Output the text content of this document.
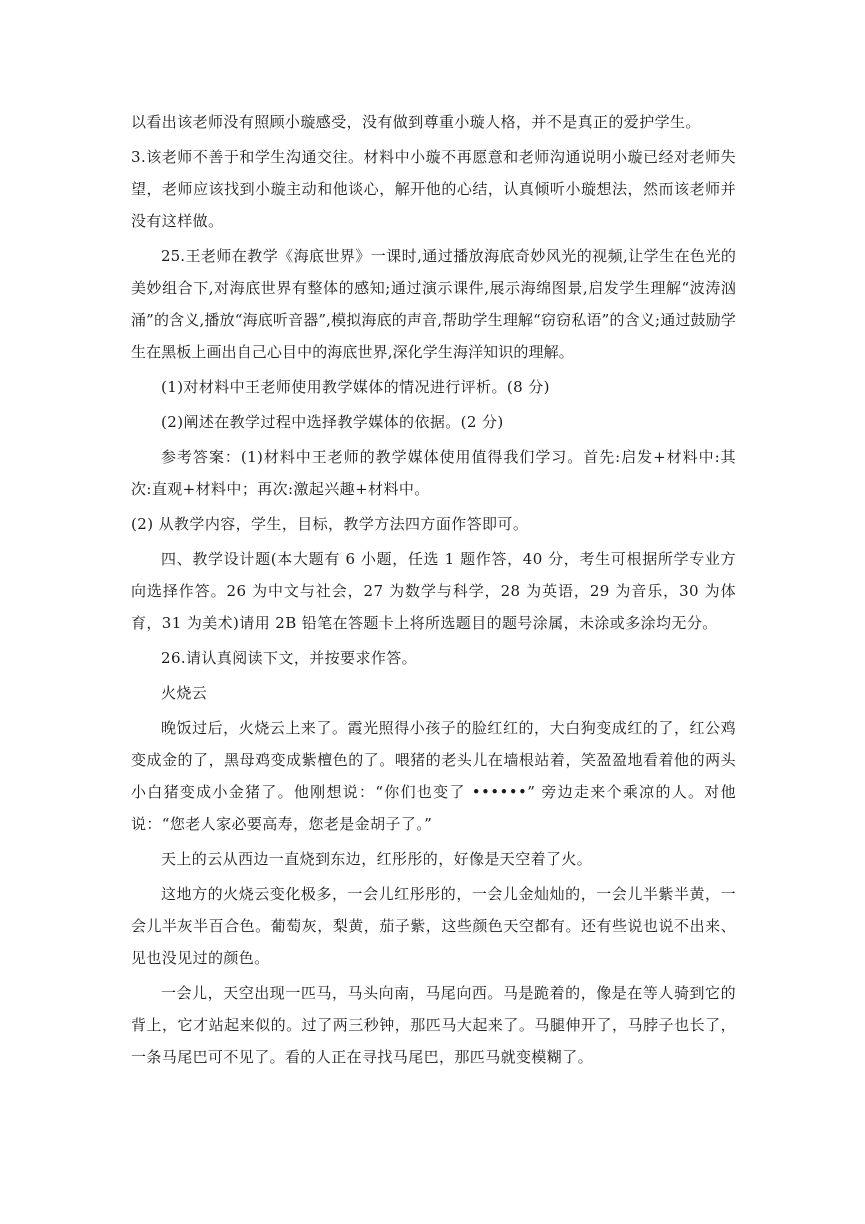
以看出该老师没有照顾小璇感受，没有做到尊重小璇人格，并不是真正的爱护学生。

3.该老师不善于和学生沟通交往。材料中小璇不再愿意和老师沟通说明小璇已经对老师失望，老师应该找到小璇主动和他谈心，解开他的心结，认真倾听小璇想法，然而该老师并没有这样做。

25.王老师在教学《海底世界》一课时,通过播放海底奇妙风光的视频,让学生在色光的美妙组合下,对海底世界有整体的感知;通过演示课件,展示海绵图景,启发学生理解“波涛汹涌”的含义,播放“海底听音器”,模拟海底的声音,帮助学生理解“窃窃私语”的含义;通过鼓励学生在黑板上画出自己心目中的海底世界,深化学生海洋知识的理解。

(1)对材料中王老师使用教学媒体的情况进行评析。(8 分)

(2)阐述在教学过程中选择教学媒体的依据。(2 分)

参考答案：(1)材料中王老师的教学媒体使用值得我们学习。首先:启发+材料中:其次:直观+材料中；再次:激起兴趣+材料中。

(2) 从教学内容，学生，目标，教学方法四方面作答即可。

四、教学设计题(本大题有 6 小题，任选 1 题作答，40 分，考生可根据所学专业方向选择作答。26 为中文与社会，27 为数学与科学，28 为英语，29 为音乐，30 为体育，31 为美术)请用 2B 铅笔在答题卡上将所选题目的题号涂属，未涂或多涂均无分。

26.请认真阅读下文，并按要求作答。

火烧云

晚饭过后，火烧云上来了。霞光照得小孩子的脸红红的，大白狗变成红的了，红公鸡变成金的了，黑母鸡变成紫檀色的了。喂猪的老头儿在墙根站着，笑盈盈地看着他的两头小白猪变成小金猪了。他刚想说：“你们也变了 ••••••” 旁边走来个乘凉的人。对他说：“您老人家必要高寿，您老是金胡子了。”

天上的云从西边一直烧到东边，红彤彤的，好像是天空着了火。

这地方的火烧云变化极多，一会儿红彤彤的，一会儿金灿灿的，一会儿半紫半黄，一会儿半灰半百合色。葡萄灰，梨黄，茄子紫，这些颜色天空都有。还有些说也说不出来、见也没见过的颜色。

一会儿，天空出现一匹马，马头向南，马尾向西。马是跪着的，像是在等人骑到它的背上，它才站起来似的。过了两三秒钟，那匹马大起来了。马腿伸开了，马脖子也长了，一条马尾巴可不见了。看的人正在寻找马尾巴，那匹马就变模糊了。
